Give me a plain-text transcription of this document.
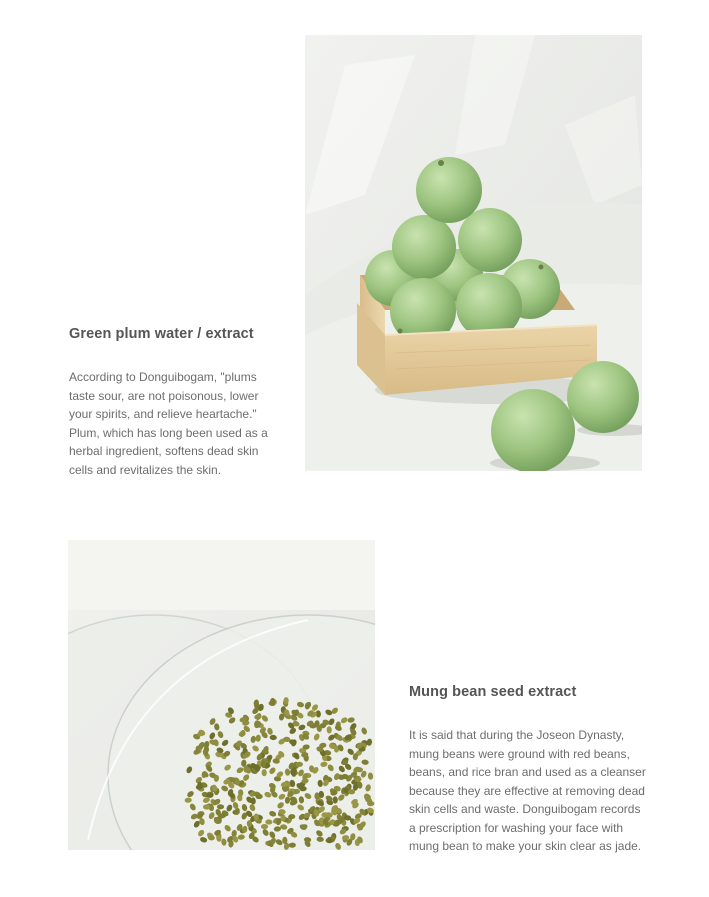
Green plum water / extract

According to Donguibogam, "plums
taste sour, are not poisonous, lower
your spirits, and relieve heartache."
Plum, which has long been used as a
herbal ingredient, softens dead skin
cells and revitalizes the skin.

Mung bean seed extract

It is said that during the Joseon Dynasty,
mung beans were ground with red beans,
beans, and rice bran and used as a cleanser
because they are effective at removing dead
skin cells and waste. Donguibogam records
a prescription for washing your face with
mung bean to make your skin clear as jade.
